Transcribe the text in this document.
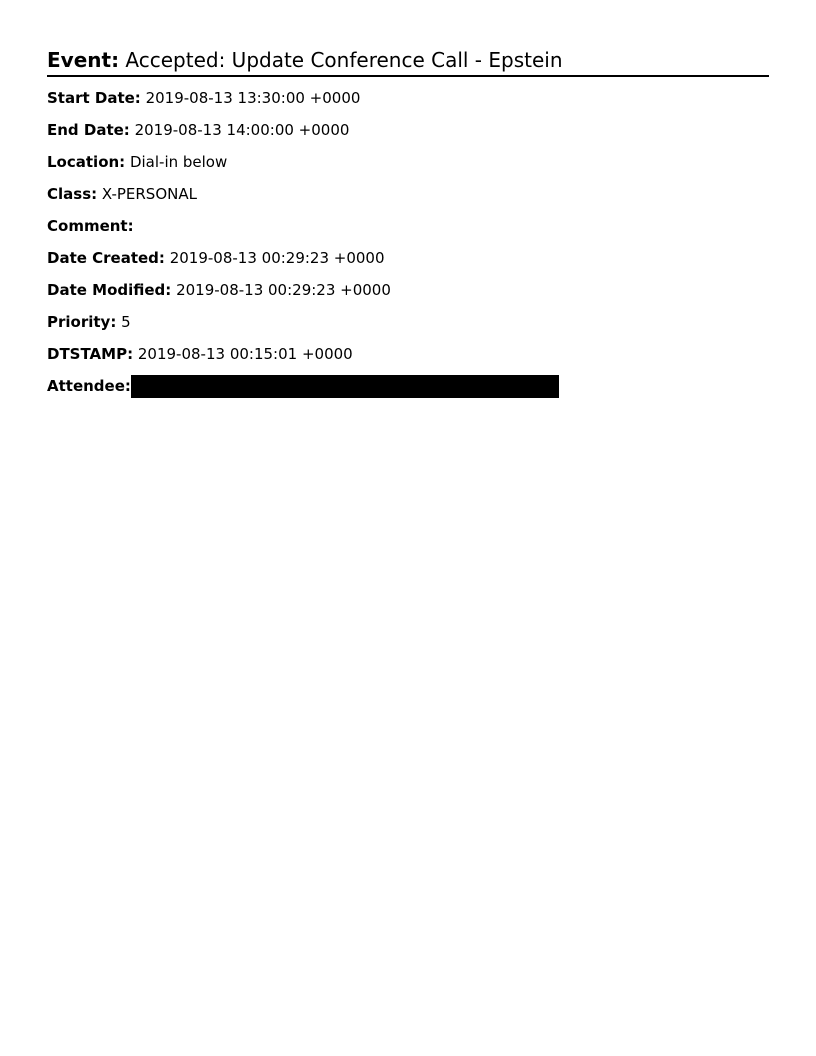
Event: Accepted: Update Conference Call - Epstein
Start Date: 2019-08-13 13:30:00 +0000
End Date: 2019-08-13 14:00:00 +0000
Location: Dial-in below
Class: X-PERSONAL
Comment:
Date Created: 2019-08-13 00:29:23 +0000
Date Modified: 2019-08-13 00:29:23 +0000
Priority: 5
DTSTAMP: 2019-08-13 00:15:01 +0000
Attendee:
